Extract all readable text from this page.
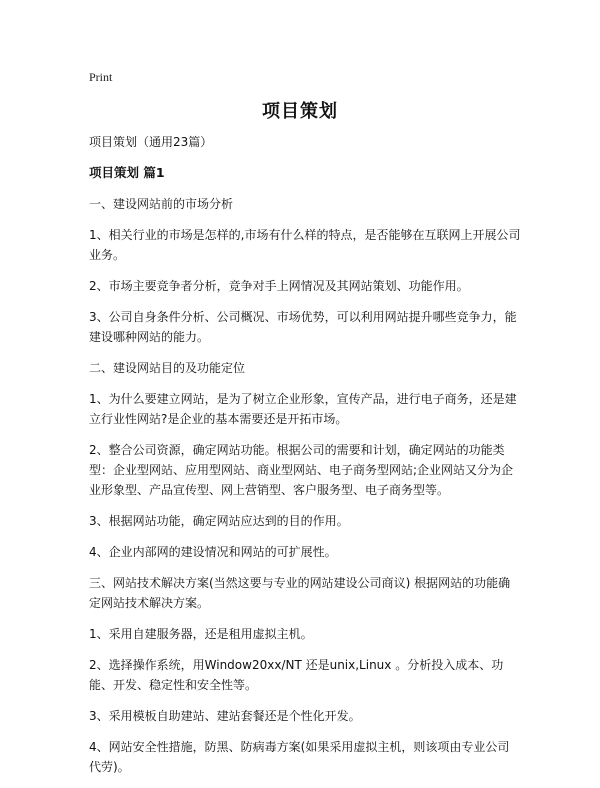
Print
项目策划

项目策划（通用23篇）

项目策划 篇1

一、建设网站前的市场分析

1、相关行业的市场是怎样的,市场有什么样的特点，是否能够在互联网上开展公司业务。

2、市场主要竞争者分析，竞争对手上网情况及其网站策划、功能作用。

3、公司自身条件分析、公司概况、市场优势，可以利用网站提升哪些竞争力，能建设哪种网站的能力。

二、建设网站目的及功能定位

1、为什么要建立网站，是为了树立企业形象，宣传产品，进行电子商务，还是建立行业性网站?是企业的基本需要还是开拓市场。

2、整合公司资源，确定网站功能。根据公司的需要和计划，确定网站的功能类型：企业型网站、应用型网站、商业型网站、电子商务型网站;企业网站又分为企业形象型、产品宣传型、网上营销型、客户服务型、电子商务型等。

3、根据网站功能，确定网站应达到的目的作用。

4、企业内部网的建设情况和网站的可扩展性。

三、网站技术解决方案(当然这要与专业的网站建设公司商议) 根据网站的功能确定网站技术解决方案。

1、采用自建服务器，还是租用虚拟主机。

2、选择操作系统，用Window20xx/NT 还是unix,Linux 。分析投入成本、功能、开发、稳定性和安全性等。

3、采用模板自助建站、建站套餐还是个性化开发。

4、网站安全性措施，防黑、防病毒方案(如果采用虚拟主机，则该项由专业公司代劳)。
